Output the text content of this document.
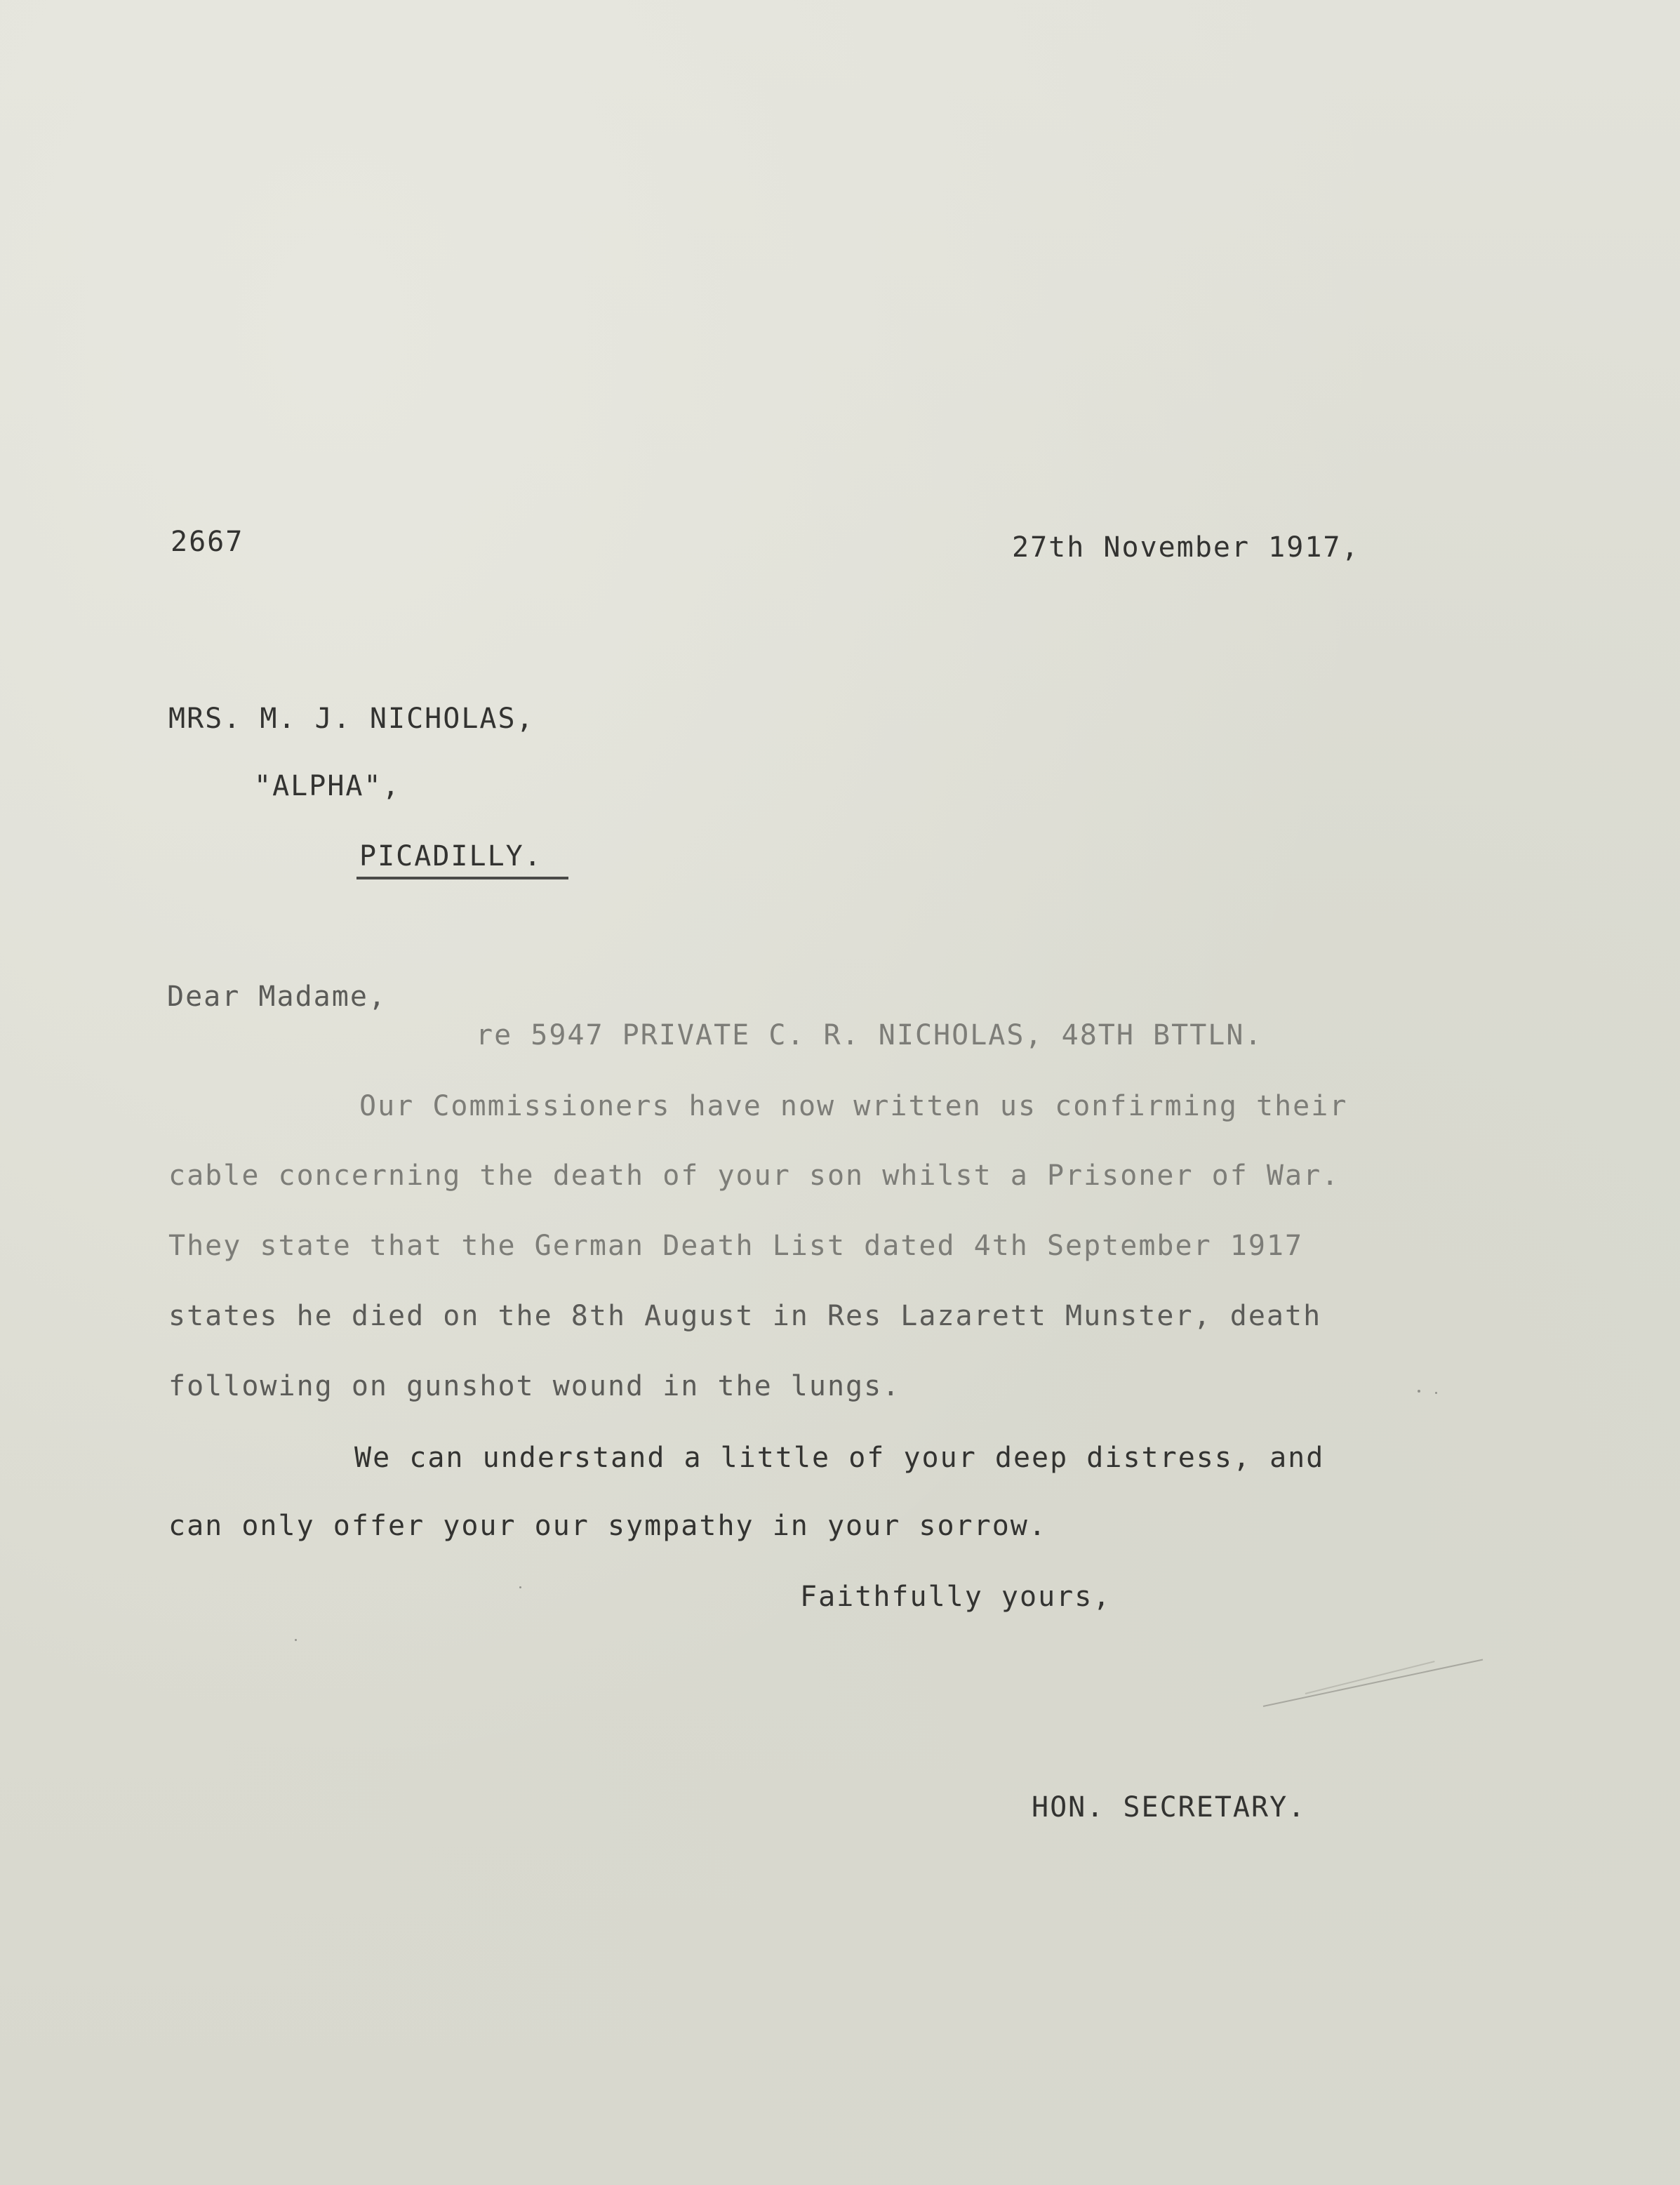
2667	27th November 1917,
MRS. M. J. NICHOLAS,
"ALPHA",
PICADILLY.
Dear Madame,
re 5947 PRIVATE C. R. NICHOLAS, 48TH BTTLN.
Our Commissioners have now written us confirming their
cable concerning the death of your son whilst a Prisoner of War.
They state that the German Death List dated 4th September 1917
states he died on the 8th August in Res Lazarett Munster, death
following on gunshot wound in the lungs.
We can understand a little of your deep distress, and
can only offer your our sympathy in your sorrow.
Faithfully yours,
HON. SECRETARY.
